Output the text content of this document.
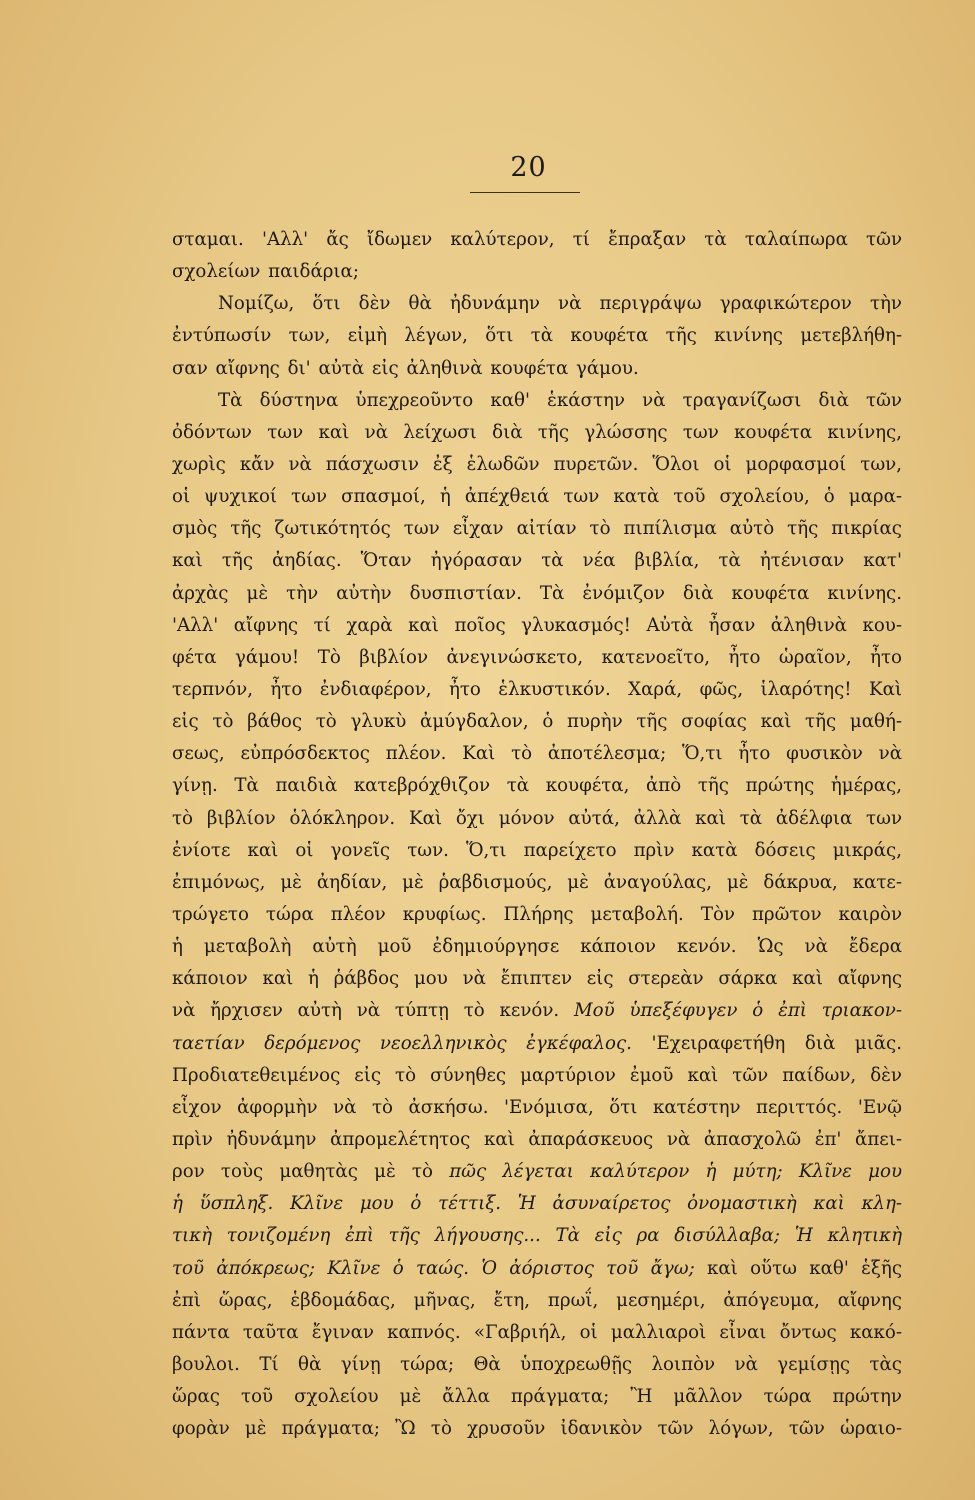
20
σταμαι. 'Αλλ' ἄς ἴδωμεν καλύτερον, τί ἔπραξαν τὰ ταλαίπωρα τῶν
σχολείων παιδάρια;
Νομίζω, ὅτι δὲν θὰ ἠδυνάμην νὰ περιγράψω γραφικώτερον τὴν
ἐντύπωσίν των, εἰμὴ λέγων, ὅτι τὰ κουφέτα τῆς κινίνης μετεβλήθη-
σαν αἴφνης δι' αὐτὰ εἰς ἀληθινὰ κουφέτα γάμου.
Τὰ δύστηνα ὑπεχρεοῦντο καθ' ἑκάστην νὰ τραγανίζωσι διὰ τῶν
ὀδόντων των καὶ νὰ λείχωσι διὰ τῆς γλώσσης των κουφέτα κινίνης,
χωρὶς κἄν νὰ πάσχωσιν ἐξ ἑλωδῶν πυρετῶν. Ὅλοι οἱ μορφασμοί των,
οἱ ψυχικοί των σπασμοί, ἡ ἀπέχθειά των κατὰ τοῦ σχολείου, ὁ μαρα-
σμὸς τῆς ζωτικότητός των εἶχαν αἰτίαν τὸ πιπίλισμα αὐτὸ τῆς πικρίας
καὶ τῆς ἀηδίας. Ὅταν ἠγόρασαν τὰ νέα βιβλία, τὰ ἠτένισαν κατ'
ἀρχὰς μὲ τὴν αὐτὴν δυσπιστίαν. Τὰ ἐνόμιζον διὰ κουφέτα κινίνης.
'Αλλ' αἴφνης τί χαρὰ καὶ ποῖος γλυκασμός! Αὐτὰ ἦσαν ἀληθινὰ κου-
φέτα γάμου! Τὸ βιβλίον ἀνεγινώσκετο, κατενοεῖτο, ἦτο ὡραῖον, ἦτο
τερπνόν, ἦτο ἐνδιαφέρον, ἦτο ἑλκυστικόν. Χαρά, φῶς, ἱλαρότης! Καὶ
εἰς τὸ βάθος τὸ γλυκὺ ἀμύγδαλον, ὁ πυρὴν τῆς σοφίας καὶ τῆς μαθή-
σεως, εὐπρόσδεκτος πλέον. Καὶ τὸ ἀποτέλεσμα; Ὅ,τι ἦτο φυσικὸν νὰ
γίνῃ. Τὰ παιδιὰ κατεβρόχθιζον τὰ κουφέτα, ἀπὸ τῆς πρώτης ἡμέρας,
τὸ βιβλίον ὁλόκληρον. Καὶ ὄχι μόνον αὐτά, ἀλλὰ καὶ τὰ ἀδέλφια των
ἐνίοτε καὶ οἱ γονεῖς των. Ὅ,τι παρείχετο πρὶν κατὰ δόσεις μικράς,
ἐπιμόνως, μὲ ἀηδίαν, μὲ ῥαβδισμούς, μὲ ἀναγούλας, μὲ δάκρυα, κατε-
τρώγετο τώρα πλέον κρυφίως. Πλήρης μεταβολή. Τὸν πρῶτον καιρὸν
ἡ μεταβολὴ αὐτὴ μοῦ ἐδημιούργησε κάποιον κενόν. Ὡς νὰ ἔδερα
κάποιον καὶ ἡ ῥάβδος μου νὰ ἔπιπτεν εἰς στερεὰν σάρκα καὶ αἴφνης
νὰ ἤρχισεν αὐτὴ νὰ τύπτῃ τὸ κενόν. Μοῦ ὑπεξέφυγεν ὁ ἐπὶ τριακον-
ταετίαν δερόμενος νεοελληνικὸς ἐγκέφαλος. 'Εχειραφετήθη διὰ μιᾶς.
Προδιατεθειμένος εἰς τὸ σύνηθες μαρτύριον ἐμοῦ καὶ τῶν παίδων, δὲν
εἶχον ἀφορμὴν νὰ τὸ ἀσκήσω. 'Ενόμισα, ὅτι κατέστην περιττός. 'Ενῷ
πρὶν ἠδυνάμην ἀπρομελέτητος καὶ ἀπαράσκευος νὰ ἀπασχολῶ ἐπ' ἄπει-
ρον τοὺς μαθητὰς μὲ τὸ πῶς λέγεται καλύτερον ἡ μύτη; Κλῖνε μου
ἡ ὕσπληξ. Κλῖνε μου ὁ τέττιξ. Ἡ ἀσυναίρετος ὀνομαστικὴ καὶ κλη-
τικὴ τονιζομένη ἐπὶ τῆς λήγουσης... Τὰ εἰς ρα δισύλλαβα; Ἡ κλητικὴ
τοῦ ἀπόκρεως; Κλῖνε ὁ ταώς. Ὁ ἀόριστος τοῦ ἄγω; καὶ οὕτω καθ' ἑξῆς
ἐπὶ ὥρας, ἑβδομάδας, μῆνας, ἔτη, πρωΐ, μεσημέρι, ἀπόγευμα, αἴφνης
πάντα ταῦτα ἔγιναν καπνός. «Γαβριήλ, οἱ μαλλιαροὶ εἶναι ὄντως κακό-
βουλοι. Τί θὰ γίνῃ τώρα; Θὰ ὑποχρεωθῇς λοιπὸν νὰ γεμίσῃς τὰς
ὥρας τοῦ σχολείου μὲ ἄλλα πράγματα; Ἢ μᾶλλον τώρα πρώτην
φορὰν μὲ πράγματα; Ὢ τὸ χρυσοῦν ἰδανικὸν τῶν λόγων, τῶν ὡραιο-
